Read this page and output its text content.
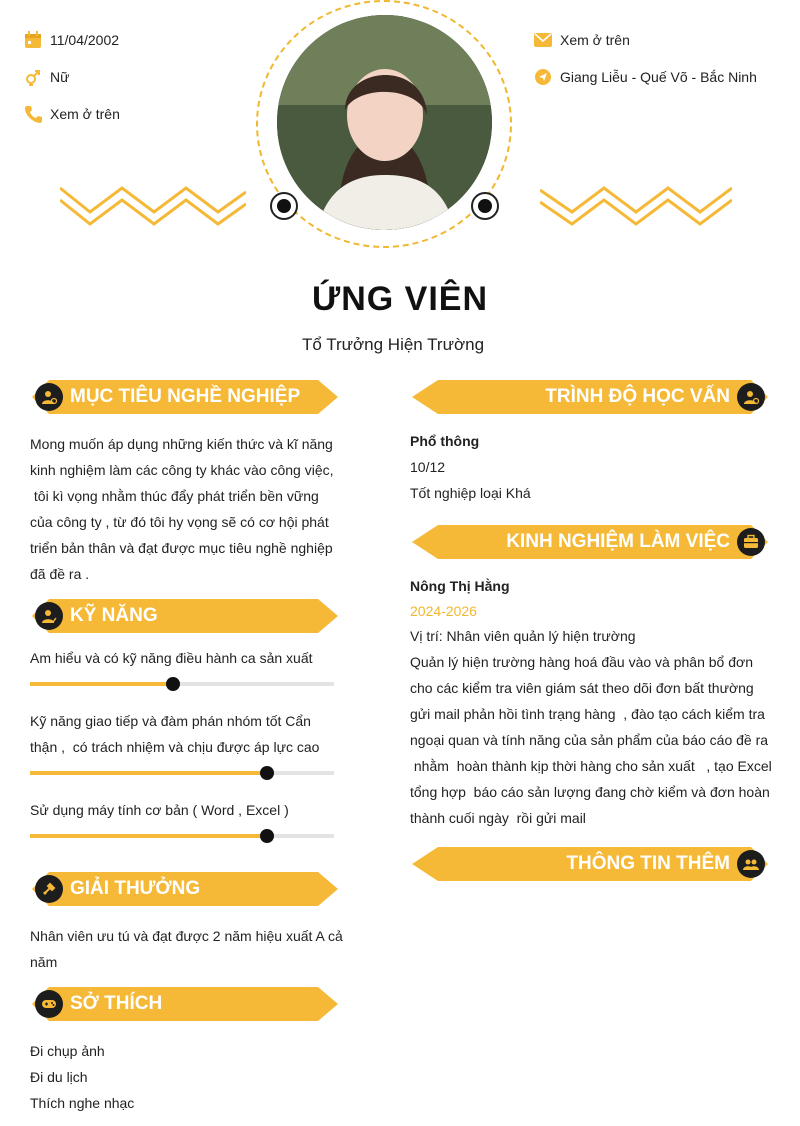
11/04/2002
Nữ
Xem ở trên
Xem ở trên
Giang Liễu - Quế Võ - Bắc Ninh
ỨNG VIÊN
Tổ Trưởng Hiện Trường
MỤC TIÊU NGHỀ NGHIỆP
Mong muốn áp dụng những kiến thức và kĩ năng
kinh nghiệm làm các công ty khác vào công việc,
tôi kì vọng nhằm thúc đẩy phát triển bền vững
của công ty , từ đó tôi hy vọng sẽ có cơ hội phát
triển bản thân và đạt được mục tiêu nghề nghiệp
đã đề ra .
KỸ NĂNG
Am hiểu và có kỹ năng điều hành ca sản xuất
Kỹ năng giao tiếp và đàm phán nhóm tốt Cẩn
thận ,  có trách nhiệm và chịu được áp lực cao
Sử dụng máy tính cơ bản ( Word , Excel )
GIẢI THƯỞNG
Nhân viên ưu tú và đạt được 2 năm hiệu xuất A cả
năm
SỞ THÍCH
Đi chụp ảnh
Đi du lịch
Thích nghe nhạc
TRÌNH ĐỘ HỌC VẤN
Phổ thông
10/12
Tốt nghiệp loại Khá
KINH NGHIỆM LÀM VIỆC
Nông Thị Hằng
2024-2026
Vị trí: Nhân viên quản lý hiện trường
Quản lý hiện trường hàng hoá đầu vào và phân bổ đơn
cho các kiểm tra viên giám sát theo dõi đơn bất thường
gửi mail phản hồi tình trạng hàng  , đào tạo cách kiểm tra
ngoại quan và tính năng của sản phẩm của báo cáo đề ra
nhằm  hoàn thành kịp thời hàng cho sản xuất   , tạo Excel
tổng hợp  báo cáo sản lượng đang chờ kiểm và đơn hoàn
thành cuối ngày  rồi gửi mail
THÔNG TIN THÊM
